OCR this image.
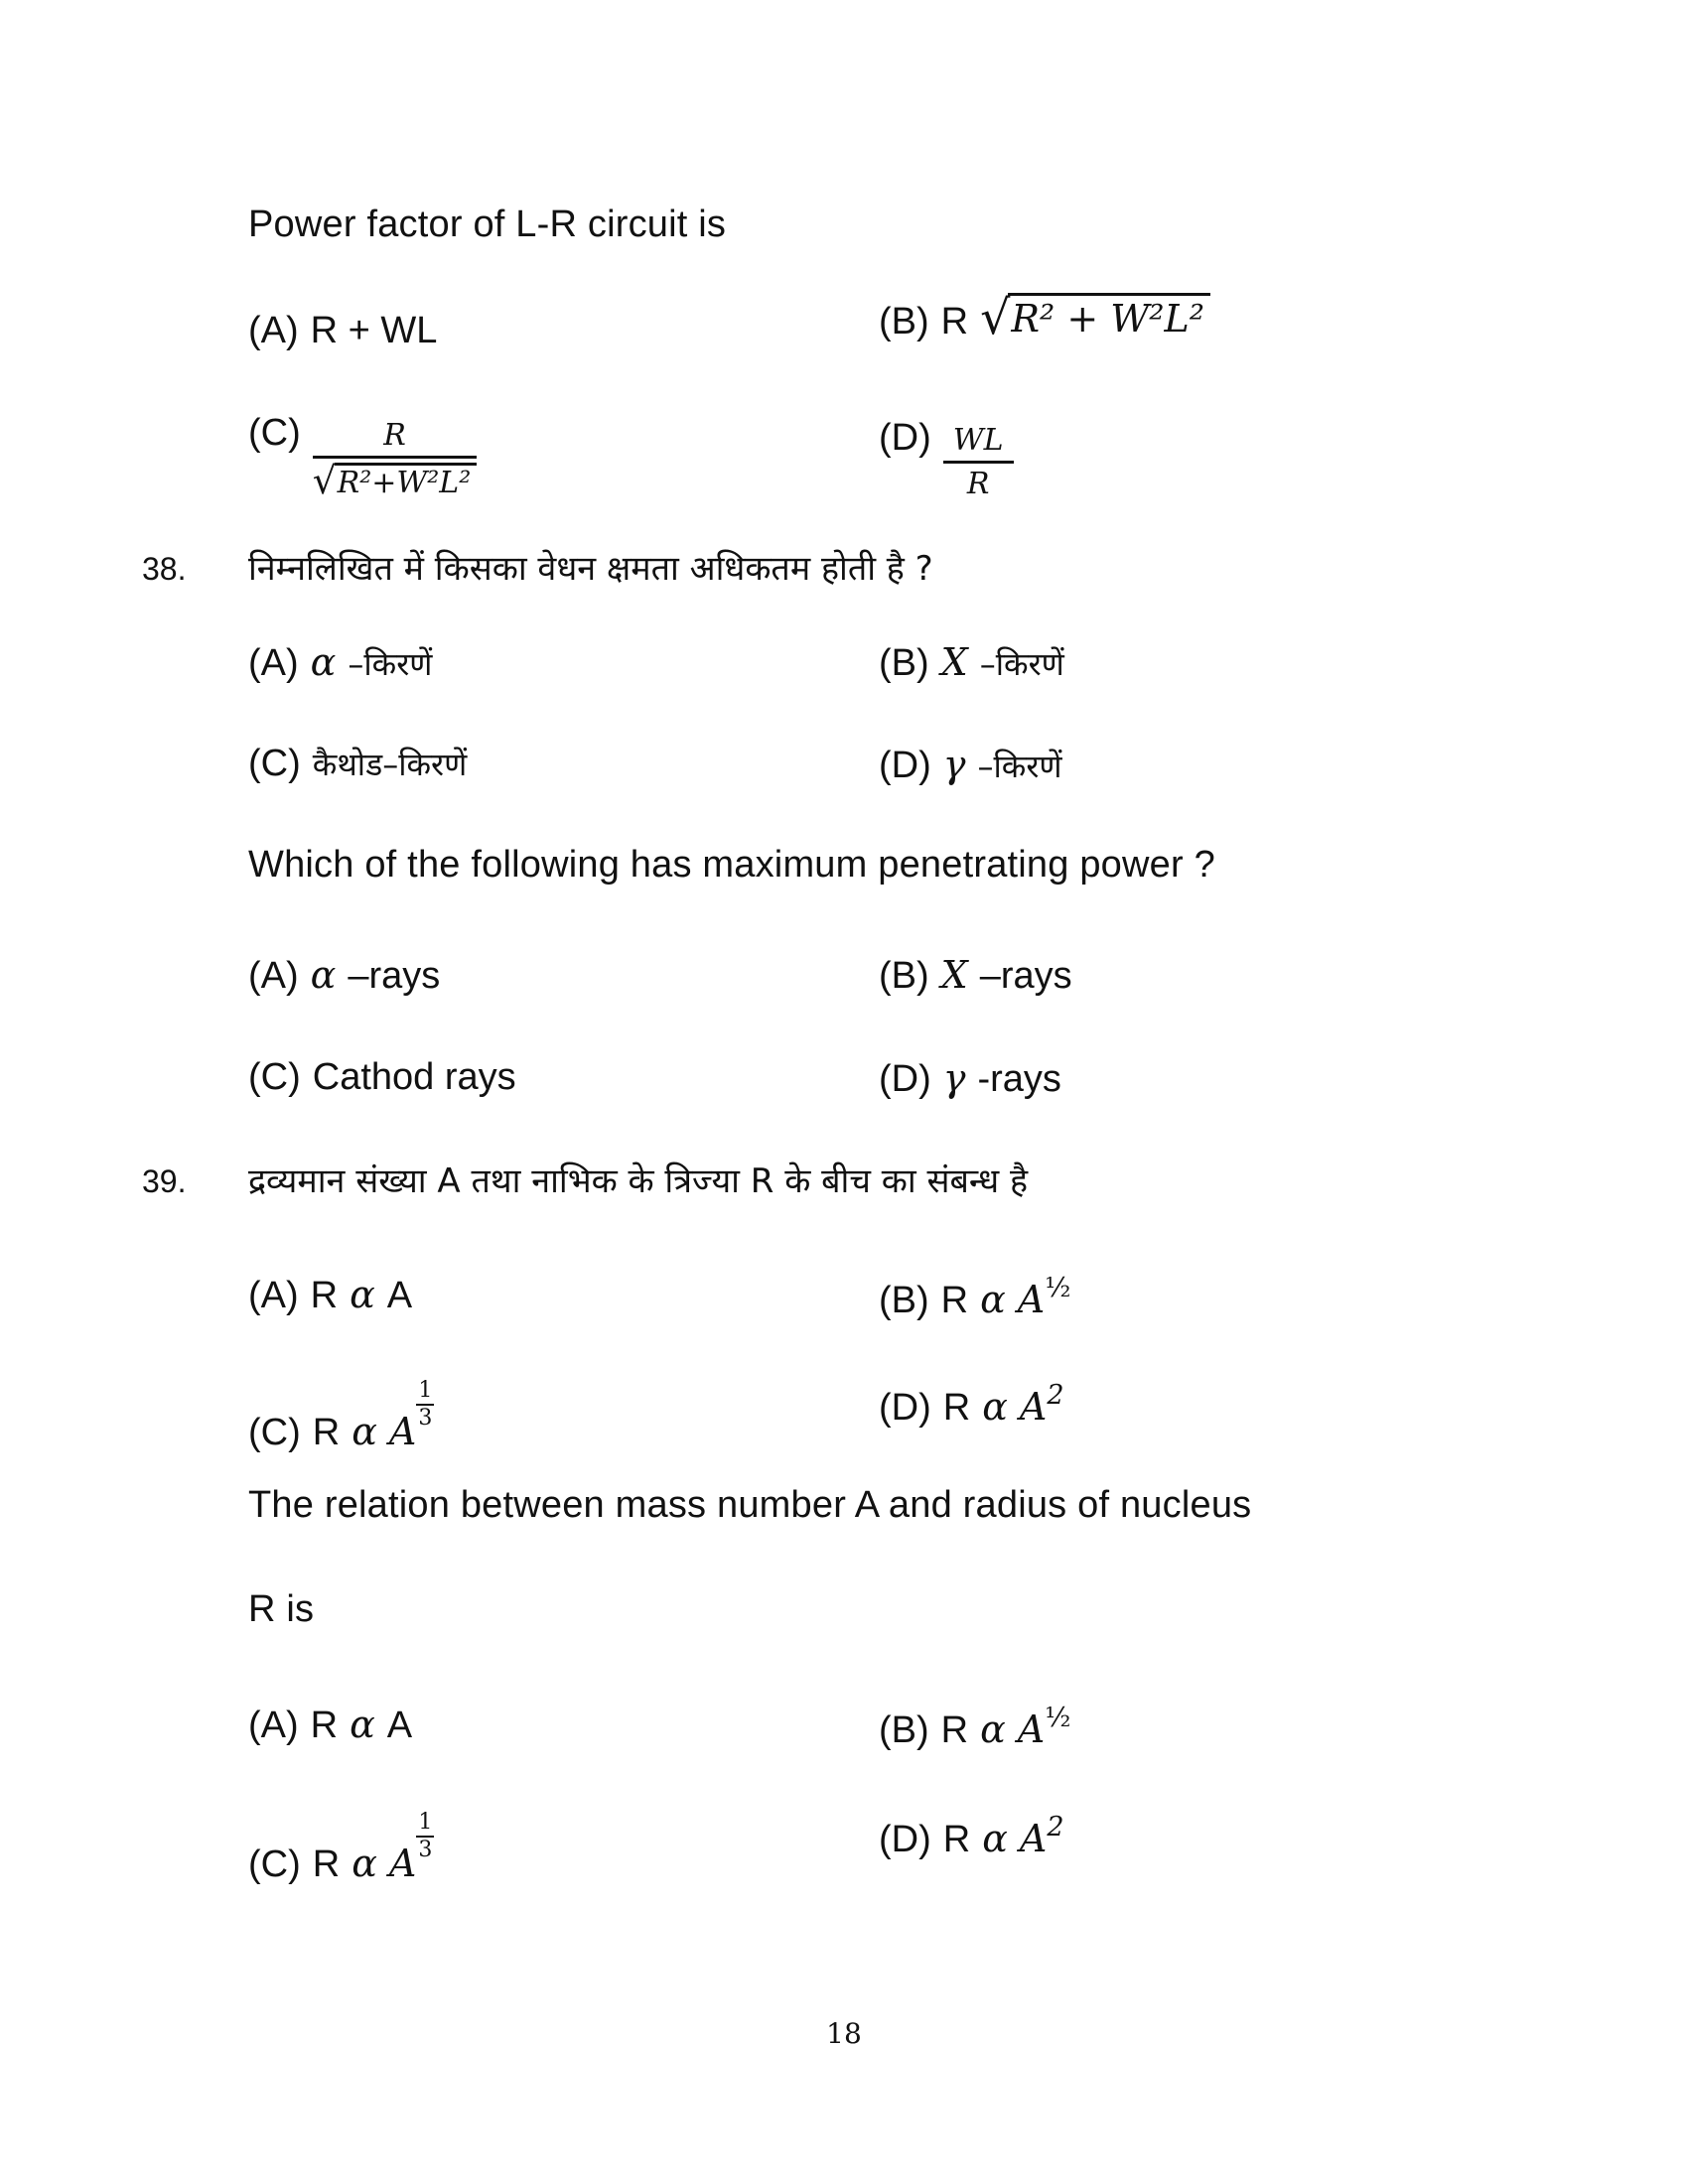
Power factor of L-R circuit is
(A) R + WL	(B) R √ R² + W²L²
$(C) \frac{R}{\text{√ R²+W²L²}}$	$(D) \frac{WL}{R}$
38. निम्नलिखित में किसका वेधन क्षमता अधिकतम होती है ?
(A) α –किरणें	(B) X –किरणें
(C) कैथोड–किरणें	(D) γ –किरणें
Which of the following has maximum penetrating power ?
(A) α –rays	(B) X –rays
(C) Cathod rays	(D) γ -rays
39. द्रव्यमान संख्या A तथा नाभिक के त्रिज्या R के बीच का संबन्ध है
(A) R α A	(B) R α $A^{\frac{1}{2}}$
(C) R α A
$\frac{1}{3}$	(D) R α $A^2$
The relation between mass number A and radius of nucleus
R is
(A) R α A	(B) R α $A^{\frac{1}{2}}$
(C) R α A
$\frac{1}{3}$	(D) R α $A^2$
18
